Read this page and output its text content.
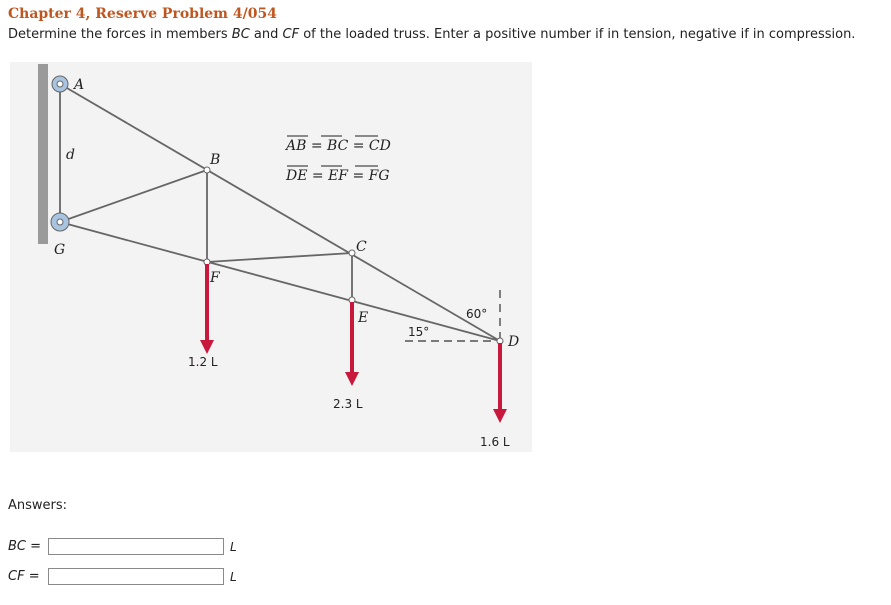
Chapter 4, Reserve Problem 4/054
Determine the forces in members BC and CF of the loaded truss. Enter a positive number if in tension, negative if in compression.
A
d	B
G	C
F
E
D
AB = BC = CD
DE = EF = FG
60°
15°
1.2 L
2.3 L
1.6 L
Answers:
BC =	L
CF =	L
